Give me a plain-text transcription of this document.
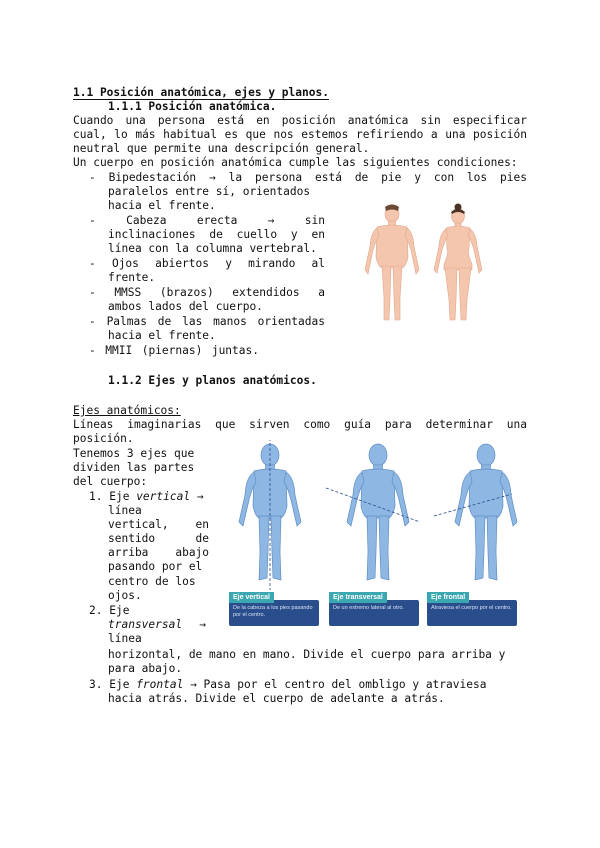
1.1 Posición anatómica, ejes y planos.
1.1.1 Posición anatómica.
Cuando una persona está en posición anatómica sin especificar
cual, lo más habitual es que nos estemos refiriendo a una posición
neutral que permite una descripción general.
Un cuerpo en posición anatómica cumple las siguientes condiciones:
- Bipedestación → la persona está de pie y con los pies
paralelos entre sí, orientados
hacia el frente.
-	Cabeza	erecta	→	sin
inclinaciones de cuello y en
línea con la columna vertebral.
- Ojos abiertos y mirando al
frente.
- MMSS (brazos) extendidos a
ambos lados del cuerpo.
- Palmas de las manos orientadas
hacia el frente.
- MMII (piernas) juntas.
1.1.2 Ejes y planos anatómicos.
Ejes anatómicos:
Líneas imaginarias que sirven como guía para determinar una
posición.
Tenemos 3 ejes que
dividen las partes
del cuerpo:
1. Eje vertical →
línea
vertical,    en
sentido      de
arriba    abajo
pasando por el
centro de los
ojos.
2. Eje
transversal →
línea
horizontal, de mano en mano. Divide el cuerpo para arriba y
para abajo.
3. Eje frontal → Pasa por el centro del ombligo y atraviesa
hacia atrás. Divide el cuerpo de adelante a atrás.
De la cabeza a los pies pasando por el centro.
Eje vertical
De un extremo lateral al otro.
Eje transversal
Atraviesa el cuerpo por el centro.
Eje frontal
